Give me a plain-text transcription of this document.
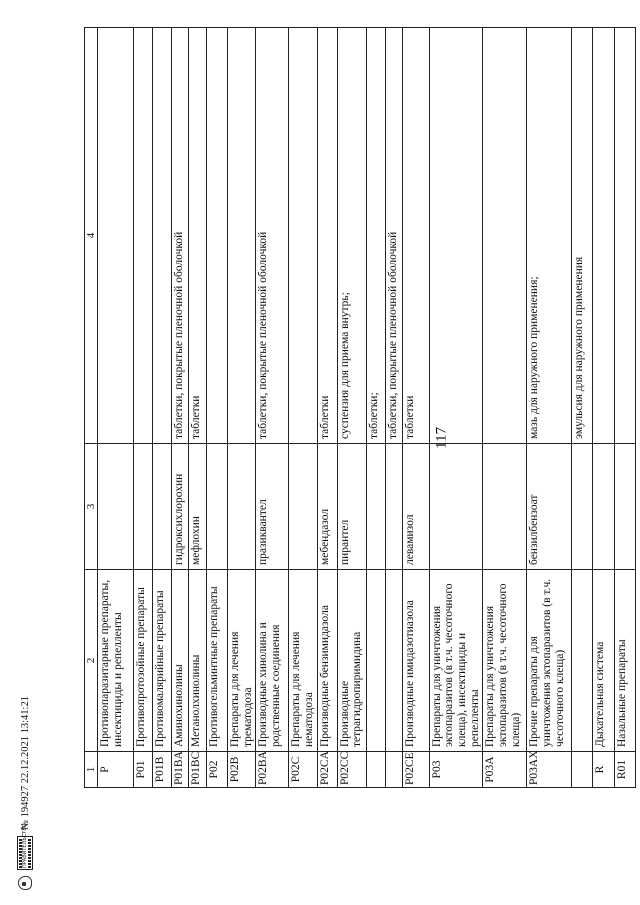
117
1	2	3	4
P	Противопаразитарные препараты, инсектициды и репелленты		
P01	Противопротозойные препараты		
P01B	Противомалярийные препараты		
P01BA	Аминохинолины	гидроксихлорохин	таблетки, покрытые пленочной оболочкой
P01BC	Метанолхинолины	мефлохин	таблетки
P02	Противогельминтные препараты		
P02B	Препараты для лечения трематодоза		
P02BA	Производные хинолина и родственные соединения	празиквантел	таблетки, покрытые пленочной оболочкой
P02C	Препараты для лечения нематодоза		
P02CA	Производные бензимидазола	мебендазол	таблетки
P02CC	Производные тетрагидропиримидина	пирантел	суспензия для приема внутрь;
			таблетки;
			таблетки, покрытые пленочной оболочкой
P02CE	Производные имидазотиазола	левамизол	таблетки
P03	Препараты для уничтожения эктопаразитов (в т.ч. чесоточного клеща), инсектициды и репелленты		
P03A	Препараты для уничтожения эктопаразитов (в т.ч. чесоточного клеща)		
P03AX	Прочие препараты для уничтожения эктопаразитов (в т.ч. чесоточного клеща)	бензилбензоат	мазь для наружного применения;
			эмульсия для наружного применения
R	Дыхательная система		
R01	Назальные препараты		
ПРАВИТЕЛЬСТВО
№ 194927 22.12.2021 13:41:21
